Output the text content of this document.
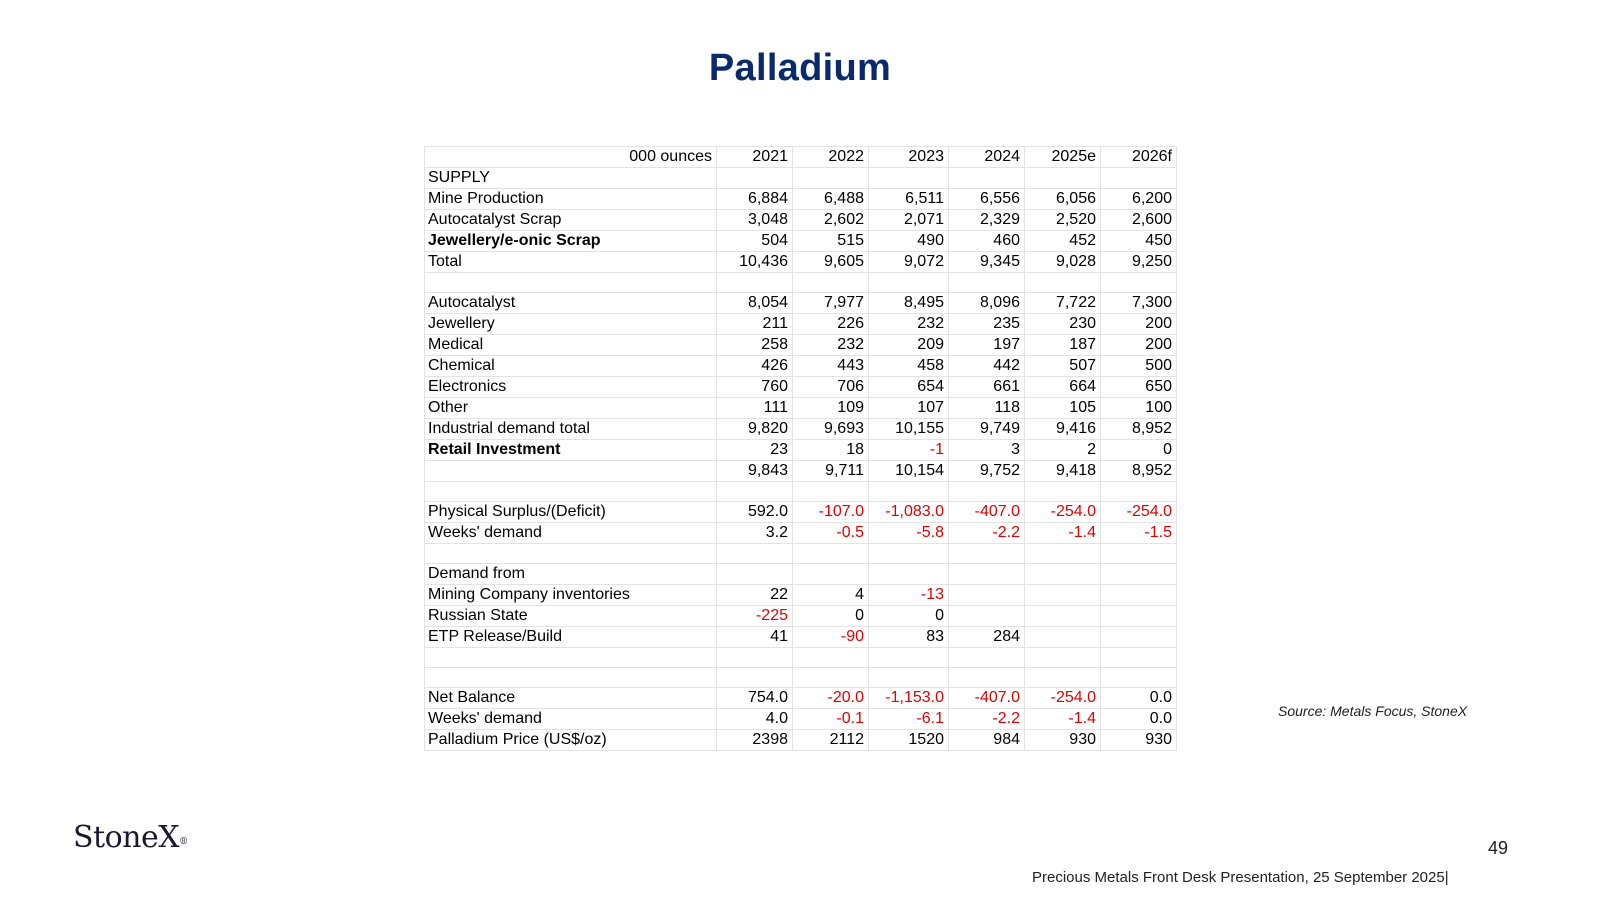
Palladium
000 ounces	2021	2022	2023	2024	2025e	2026f
SUPPLY						
Mine Production	6,884	6,488	6,511	6,556	6,056	6,200
Autocatalyst Scrap	3,048	2,602	2,071	2,329	2,520	2,600
Jewellery/e-onic Scrap	504	515	490	460	452	450
Total	10,436	9,605	9,072	9,345	9,028	9,250

Autocatalyst	8,054	7,977	8,495	8,096	7,722	7,300
Jewellery	211	226	232	235	230	200
Medical	258	232	209	197	187	200
Chemical	426	443	458	442	507	500
Electronics	760	706	654	661	664	650
Other	111	109	107	118	105	100
Industrial demand total	9,820	9,693	10,155	9,749	9,416	8,952
Retail Investment	23	18	-1	3	2	0
	9,843	9,711	10,154	9,752	9,418	8,952

Physical Surplus/(Deficit)	592.0	-107.0	-1,083.0	-407.0	-254.0	-254.0
Weeks' demand	3.2	-0.5	-5.8	-2.2	-1.4	-1.5

Demand from						
Mining Company inventories	22	4	-13			
Russian State	-225	0	0			
ETP Release/Build	41	-90	83	284		

Net Balance	754.0	-20.0	-1,153.0	-407.0	-254.0	0.0
Weeks' demand	4.0	-0.1	-6.1	-2.2	-1.4	0.0
Palladium Price (US$/oz)	2398	2112	1520	984	930	930
Source: Metals Focus, StoneX
StoneX®	49
Precious Metals Front Desk Presentation, 25 September 2025|
